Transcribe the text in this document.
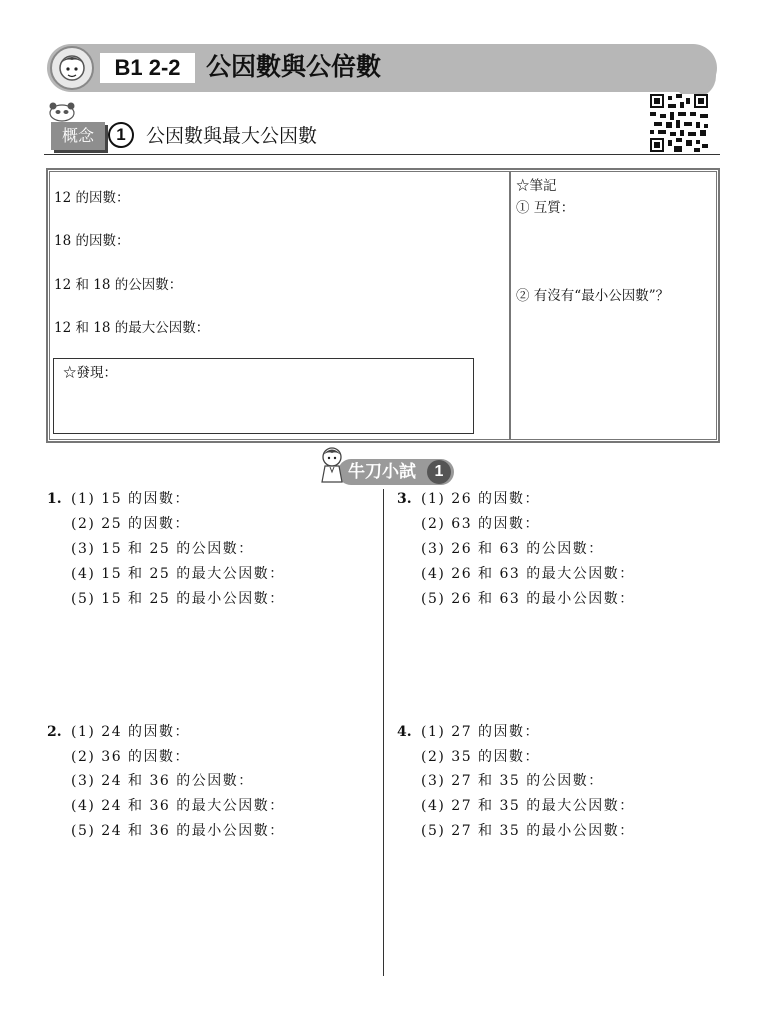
B1 2-2	公因數與公倍數
概念	1	公因數與最大公因數
12 的因數：
18 的因數：
12 和 18 的公因數：
12 和 18 的最大公因數：
☆發現：
☆筆記
① 互質：
② 有沒有“最小公因數”？
牛刀小試	1
1. (1) 15 的因數：
(2) 25 的因數：
(3) 15 和 25 的公因數：
(4) 15 和 25 的最大公因數：
(5) 15 和 25 的最小公因數：
2. (1) 24 的因數：
(2) 36 的因數：
(3) 24 和 36 的公因數：
(4) 24 和 36 的最大公因數：
(5) 24 和 36 的最小公因數：
3. (1) 26 的因數：
(2) 63 的因數：
(3) 26 和 63 的公因數：
(4) 26 和 63 的最大公因數：
(5) 26 和 63 的最小公因數：
4. (1) 27 的因數：
(2) 35 的因數：
(3) 27 和 35 的公因數：
(4) 27 和 35 的最大公因數：
(5) 27 和 35 的最小公因數：
